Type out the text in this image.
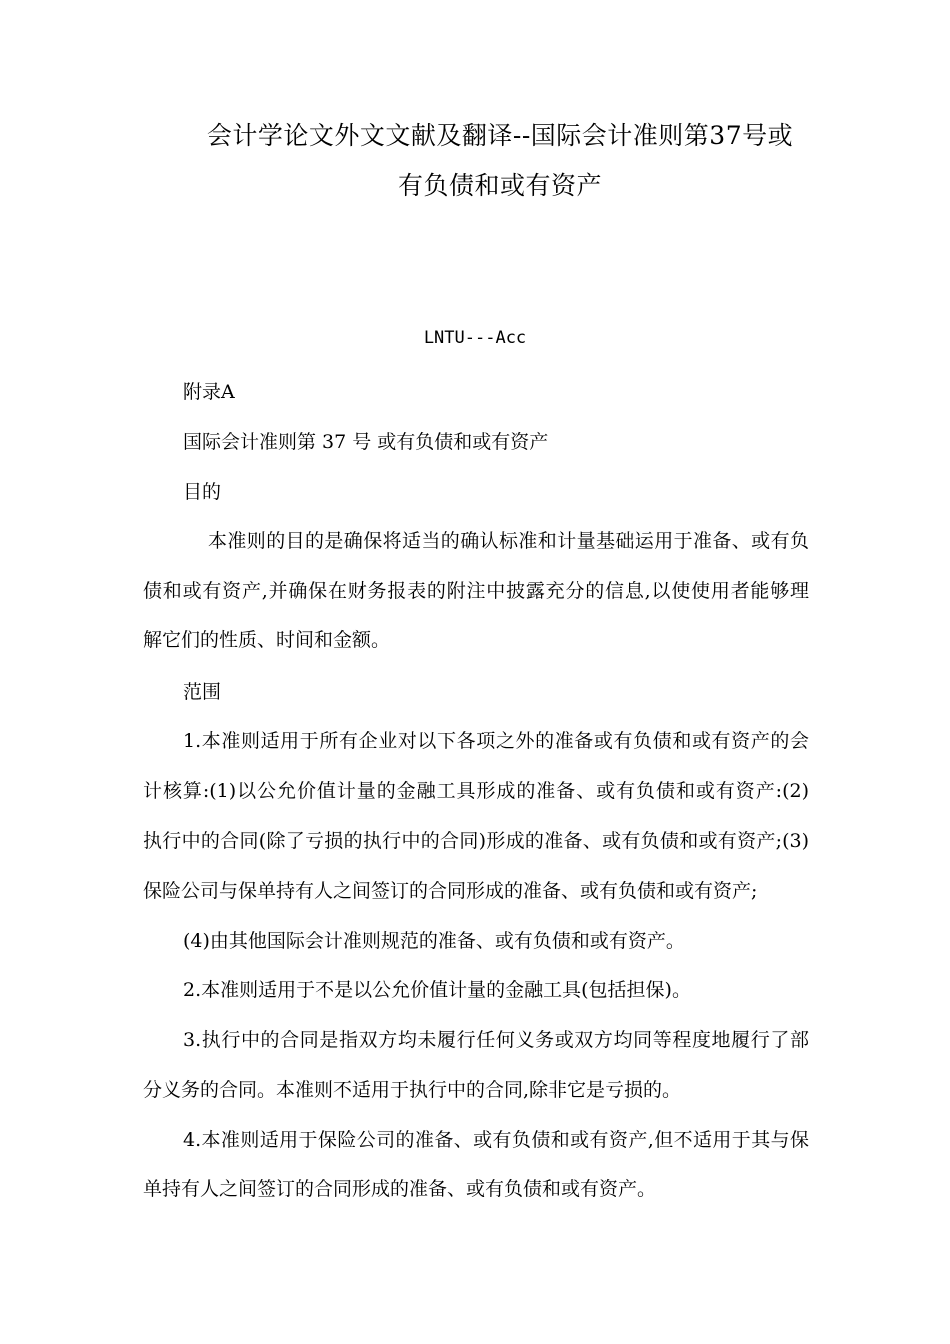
会计学论文外文文献及翻译--国际会计准则第37号或
有负债和或有资产
LNTU---Acc
附录A
国际会计准则第 37 号 或有负债和或有资产
目的
本准则的目的是确保将适当的确认标准和计量基础运用于准备、或有负
债和或有资产,并确保在财务报表的附注中披露充分的信息,以使使用者能够理
解它们的性质、时间和金额。
范围
1.本准则适用于所有企业对以下各项之外的准备或有负债和或有资产的会
计核算:(1)以公允价值计量的金融工具形成的准备、或有负债和或有资产:(2)
执行中的合同(除了亏损的执行中的合同)形成的准备、或有负债和或有资产;(3)
保险公司与保单持有人之间签订的合同形成的准备、或有负债和或有资产;
(4)由其他国际会计准则规范的准备、或有负债和或有资产。
2.本准则适用于不是以公允价值计量的金融工具(包括担保)。
3.执行中的合同是指双方均未履行任何义务或双方均同等程度地履行了部
分义务的合同。本准则不适用于执行中的合同,除非它是亏损的。
4.本准则适用于保险公司的准备、或有负债和或有资产,但不适用于其与保
单持有人之间签订的合同形成的准备、或有负债和或有资产。
